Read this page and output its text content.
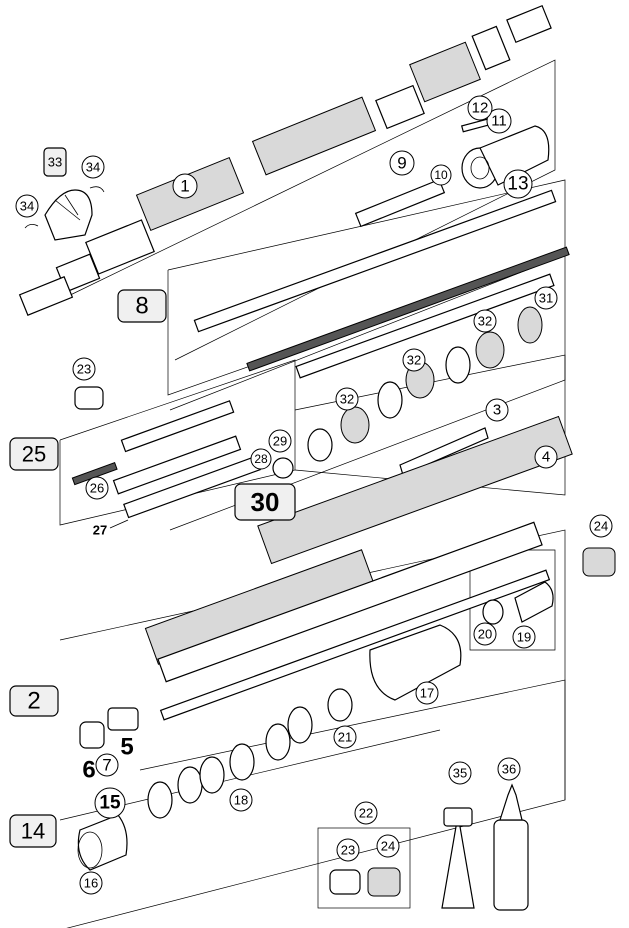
1
2
3
4
5
6 7
8
9
10
11
12
13
14
15
16
17
18
19
20
21
22
23
23
24
24
25
26
27
28
29
30
31
32
32
32
33 34
34
35	36
